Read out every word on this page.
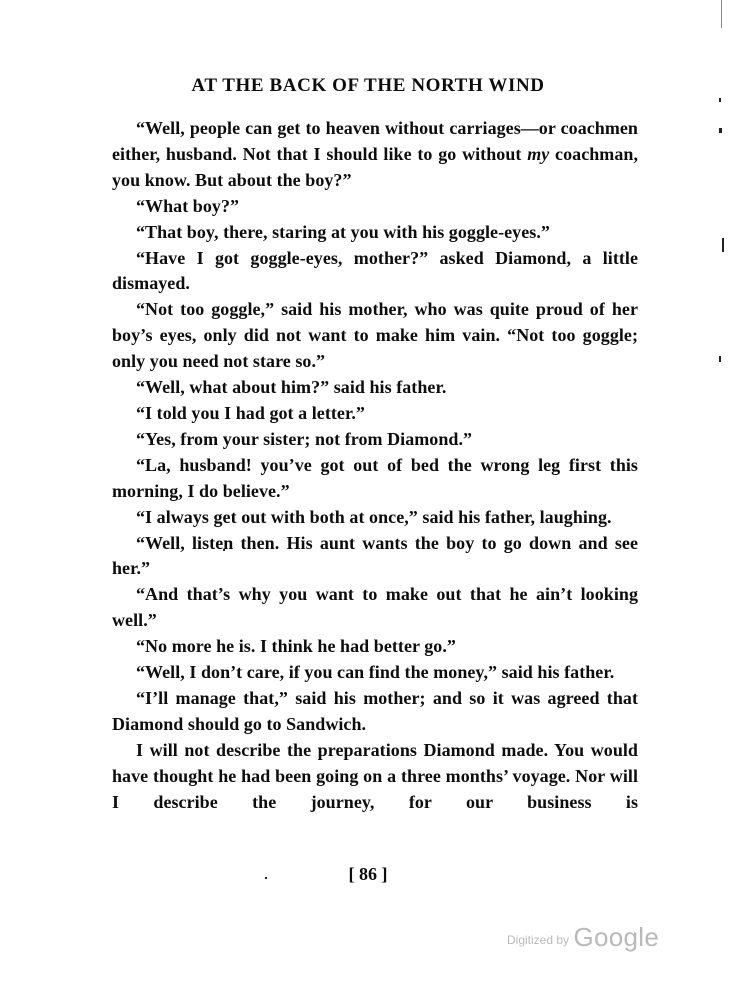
AT THE BACK OF THE NORTH WIND

“Well, people can get to heaven without carriages—or coachmen either, husband. Not that I should like to go without my coachman, you know. But about the boy?”

“What boy?”

“That boy, there, staring at you with his goggle-eyes.”

“Have I got goggle-eyes, mother?” asked Diamond, a little dismayed.

“Not too goggle,” said his mother, who was quite proud of her boy’s eyes, only did not want to make him vain. “Not too goggle; only you need not stare so.”

“Well, what about him?” said his father.

“I told you I had got a letter.”

“Yes, from your sister; not from Diamond.”

“La, husband! you’ve got out of bed the wrong leg first this morning, I do believe.”

“I always get out with both at once,” said his father, laughing.

“Well, listen then. His aunt wants the boy to go down and see her.”

“And that’s why you want to make out that he ain’t looking well.”

“No more he is. I think he had better go.”

“Well, I don’t care, if you can find the money,” said his father.

“I’ll manage that,” said his mother; and so it was agreed that Diamond should go to Sandwich.

I will not describe the preparations Diamond made. You would have thought he had been going on a three months’ voyage. Nor will I describe the journey, for our business is

[ 86 ]
Digitized by Google
